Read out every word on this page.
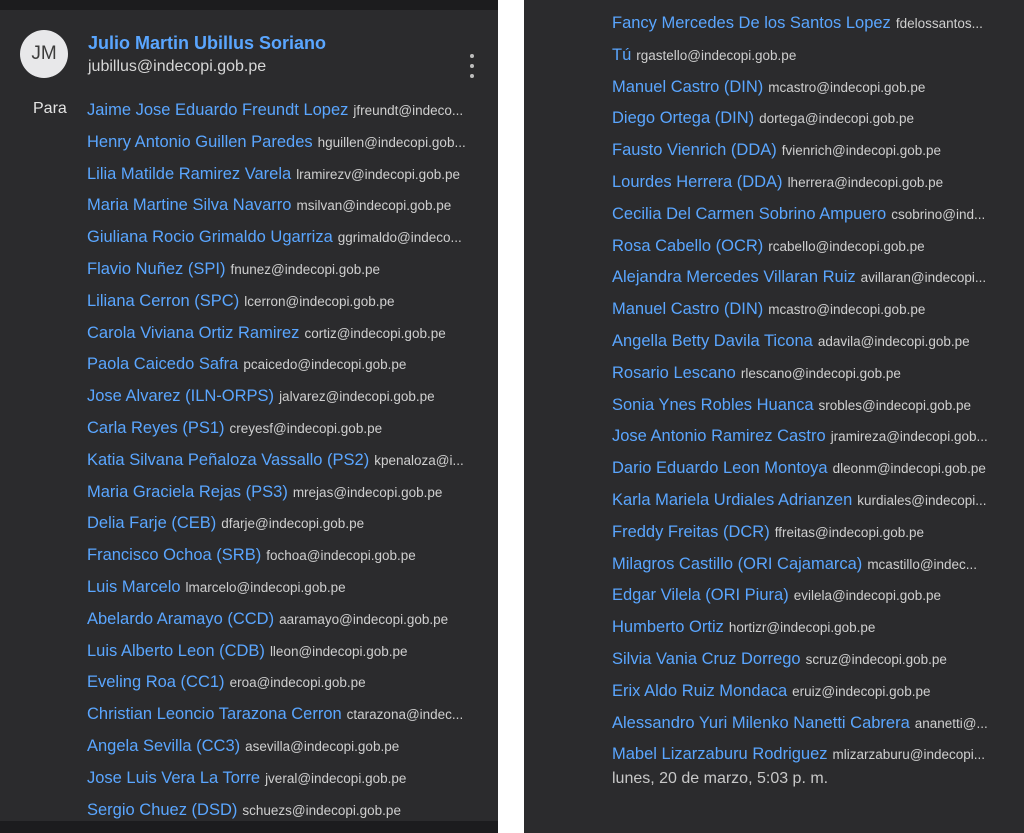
JM	Julio Martin Ubillus Soriano
jubillus@indecopi.gob.pe
Para Jaime Jose Eduardo Freundt Lopez jfreundt@indeco...
Henry Antonio Guillen Paredes hguillen@indecopi.gob...
Lilia Matilde Ramirez Varela lramirezv@indecopi.gob.pe
Maria Martine Silva Navarro msilvan@indecopi.gob.pe
Giuliana Rocio Grimaldo Ugarriza ggrimaldo@indeco...
Flavio Nuñez (SPI) fnunez@indecopi.gob.pe
Liliana Cerron (SPC) lcerron@indecopi.gob.pe
Carola Viviana Ortiz Ramirez cortiz@indecopi.gob.pe
Paola Caicedo Safra pcaicedo@indecopi.gob.pe
Jose Alvarez (ILN-ORPS) jalvarez@indecopi.gob.pe
Carla Reyes (PS1) creyesf@indecopi.gob.pe
Katia Silvana Peñaloza Vassallo (PS2) kpenaloza@i...
Maria Graciela Rejas (PS3) mrejas@indecopi.gob.pe
Delia Farje (CEB) dfarje@indecopi.gob.pe
Francisco Ochoa (SRB) fochoa@indecopi.gob.pe
Luis Marcelo lmarcelo@indecopi.gob.pe
Abelardo Aramayo (CCD) aaramayo@indecopi.gob.pe
Luis Alberto Leon (CDB) lleon@indecopi.gob.pe
Eveling Roa (CC1) eroa@indecopi.gob.pe
Christian Leoncio Tarazona Cerron ctarazona@indec...
Angela Sevilla (CC3) asevilla@indecopi.gob.pe
Jose Luis Vera La Torre jveral@indecopi.gob.pe
Sergio Chuez (DSD) schuezs@indecopi.gob.pe
Fancy Mercedes De los Santos Lopez fdelossantos...
Tú rgastello@indecopi.gob.pe
Manuel Castro (DIN) mcastro@indecopi.gob.pe
Diego Ortega (DIN) dortega@indecopi.gob.pe
Fausto Vienrich (DDA) fvienrich@indecopi.gob.pe
Lourdes Herrera (DDA) lherrera@indecopi.gob.pe
Cecilia Del Carmen Sobrino Ampuero csobrino@ind...
Rosa Cabello (OCR) rcabello@indecopi.gob.pe
Alejandra Mercedes Villaran Ruiz avillaran@indecopi...
Manuel Castro (DIN) mcastro@indecopi.gob.pe
Angella Betty Davila Ticona adavila@indecopi.gob.pe
Rosario Lescano rlescano@indecopi.gob.pe
Sonia Ynes Robles Huanca srobles@indecopi.gob.pe
Jose Antonio Ramirez Castro jramireza@indecopi.gob...
Dario Eduardo Leon Montoya dleonm@indecopi.gob.pe
Karla Mariela Urdiales Adrianzen kurdiales@indecopi...
Freddy Freitas (DCR) ffreitas@indecopi.gob.pe
Milagros Castillo (ORI Cajamarca) mcastillo@indec...
Edgar Vilela (ORI Piura) evilela@indecopi.gob.pe
Humberto Ortiz hortizr@indecopi.gob.pe
Silvia Vania Cruz Dorrego scruz@indecopi.gob.pe
Erix Aldo Ruiz Mondaca eruiz@indecopi.gob.pe
Alessandro Yuri Milenko Nanetti Cabrera ananetti@...
Mabel Lizarzaburu Rodriguez mlizarzaburu@indecopi...
lunes, 20 de marzo, 5:03 p. m.
